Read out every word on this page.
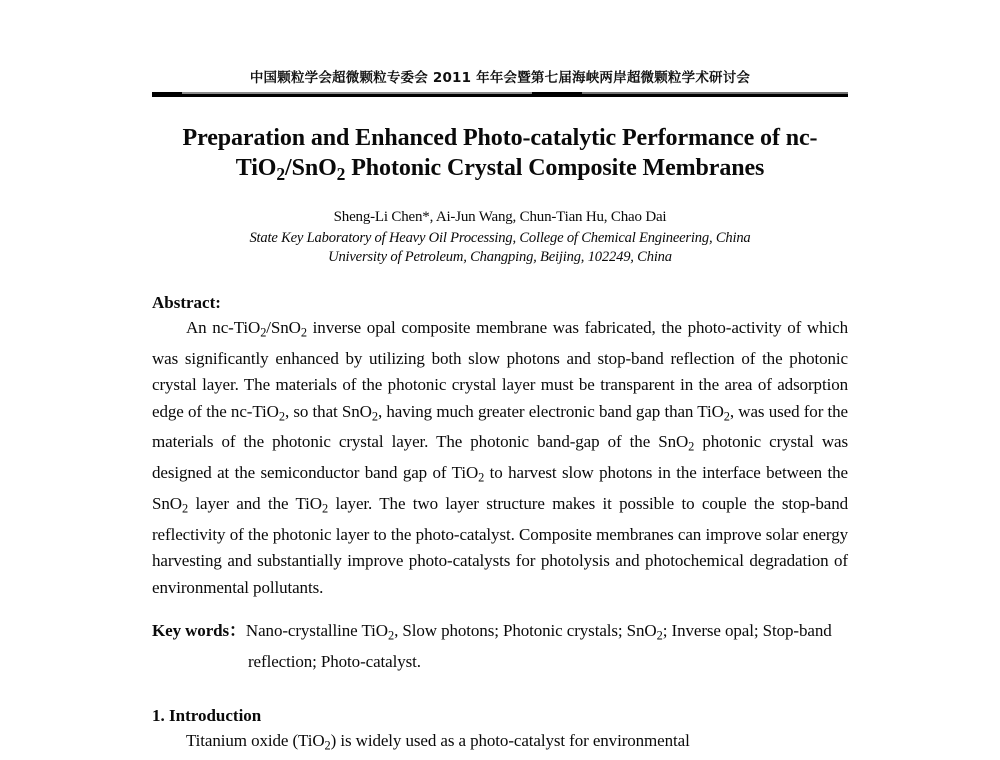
中国颗粒学会超微颗粒专委会 2011 年年会暨第七届海峡两岸超微颗粒学术研讨会
Preparation and Enhanced Photo-catalytic Performance of nc-
TiO$_2$/SnO$_2$ Photonic Crystal Composite Membranes
Sheng-Li Chen*, Ai-Jun Wang, Chun-Tian Hu, Chao Dai
State Key Laboratory of Heavy Oil Processing, College of Chemical Engineering, China
University of Petroleum, Changping, Beijing, 102249, China
Abstract:

An nc-TiO$_2$/SnO$_2$ inverse opal composite membrane was fabricated, the photo-activity of which was significantly enhanced by utilizing both slow photons and stop-band reflection of the photonic crystal layer. The materials of the photonic crystal layer must be transparent in the area of adsorption edge of the nc-TiO$_2$, so that SnO$_2$, having much greater electronic band gap than TiO$_2$, was used for the materials of the photonic crystal layer. The photonic band-gap of the SnO$_2$ photonic crystal was designed at the semiconductor band gap of TiO$_2$ to harvest slow photons in the interface between the SnO$_2$ layer and the TiO$_2$ layer. The two layer structure makes it possible to couple the stop-band reflectivity of the photonic layer to the photo-catalyst. Composite membranes can improve solar energy harvesting and substantially improve photo-catalysts for photolysis and photochemical degradation of environmental pollutants.

Key words：Nano-crystalline TiO$_2$, Slow photons; Photonic crystals; SnO$_2$; Inverse opal; Stop-band reflection; Photo-catalyst.

1. Introduction

Titanium oxide (TiO$_2$) is widely used as a photo-catalyst for environmental
